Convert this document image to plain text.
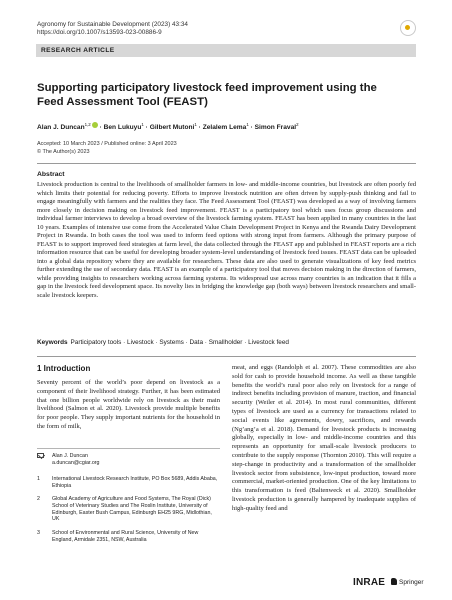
Agronomy for Sustainable Development (2023) 43:34
https://doi.org/10.1007/s13593-023-00886-9
RESEARCH ARTICLE
Supporting participatory livestock feed improvement using the Feed Assessment Tool (FEAST)
Alan J. Duncan$^{1,2}$ · Ben Lukuyu$^1$ · Gilbert Mutoni$^1$ · Zelalem Lema$^1$ · Simon Fraval$^2$
Accepted: 10 March 2023 / Published online: 3 April 2023
© The Author(s) 2023
Abstract

Livestock production is central to the livelihoods of smallholder farmers in low- and middle-income countries, but livestock are often poorly fed which limits their potential for reducing poverty. Efforts to improve livestock nutrition are often driven by supply-push thinking and fail to engage meaningfully with farmers and the realities they face. The Feed Assessment Tool (FEAST) was developed as a way of involving farmers more closely in decision making on livestock feed improvement. FEAST is a participatory tool which uses focus group discussions and individual farmer interviews to develop a broad overview of the livestock farming system. FEAST has been applied in many countries in the last 10 years. Examples of intensive use come from the Accelerated Value Chain Development Project in Kenya and the Rwanda Dairy Development Project in Rwanda. In both cases the tool was used to inform feed options with strong input from farmers. Although the primary purpose of FEAST is to support improved feed strategies at farm level, the data collected through the FEAST app and published in FEAST reports are a rich information resource that can be useful for developing broader system-level understanding of livestock feed issues. FEAST data can be uploaded into a global data repository where they are available for researchers. These data are also used to generate visualizations of key feed metrics further extending the use of secondary data. FEAST is an example of a participatory tool that moves decision making in the direction of farmers, while providing insights to researchers working across farming systems. Its widespread use across many countries is an indication that it fills a gap in the livestock feed development space. Its novelty lies in bridging the knowledge gap (both ways) between livestock researchers and small-scale livestock keepers.

Keywords Participatory tools · Livestock · Systems · Data · Smallholder · Livestock feed
1 Introduction

Seventy percent of the world’s poor depend on livestock as a component of their livelihood strategy. Further, it has been estimated that one billion people worldwide rely on livestock as their main livelihood (Salmon et al. 2020). Livestock provide multiple benefits for poor people. They supply important nutrients for the household in the form of milk,

meat, and eggs (Randolph et al. 2007). These commodities are also sold for cash to provide household income. As well as these tangible benefits the world’s rural poor also rely on livestock for a range of indirect benefits including provision of manure, traction, and financial security (Weiler et al. 2014). In most rural communities, different types of livestock are used as a currency for transactions related to social events like agreements, dowry, sacrifices, and rewards (Ng’ang’a et al. 2018). Demand for livestock products is increasing globally, especially in low- and middle-income countries and this represents an opportunity for small-scale livestock producers to contribute to the supply response (Thornton 2010). This will require a step-change in productivity and a transformation of the smallholder livestock sector from subsistence, low-input production, toward more commercial, market-oriented production. One of the key limitations to this transformation is feed (Baltenweck et al. 2020). Smallholder livestock production is generally hampered by inadequate supplies of high-quality feed and

Alan J. Duncan
a.duncan@cgiar.org
1 International Livestock Research Institute, PO Box 5689, Addis Ababa, Ethiopia
2 Global Academy of Agriculture and Food Systems, The Royal (Dick) School of Veterinary Studies and The Roslin Institute, University of Edinburgh, Easter Bush Campus, Edinburgh EH25 9RG, Midlothian, UK
3 School of Environmental and Rural Science, University of New England, Armidale 2351, NSW, Australia
INRAE	Springer
